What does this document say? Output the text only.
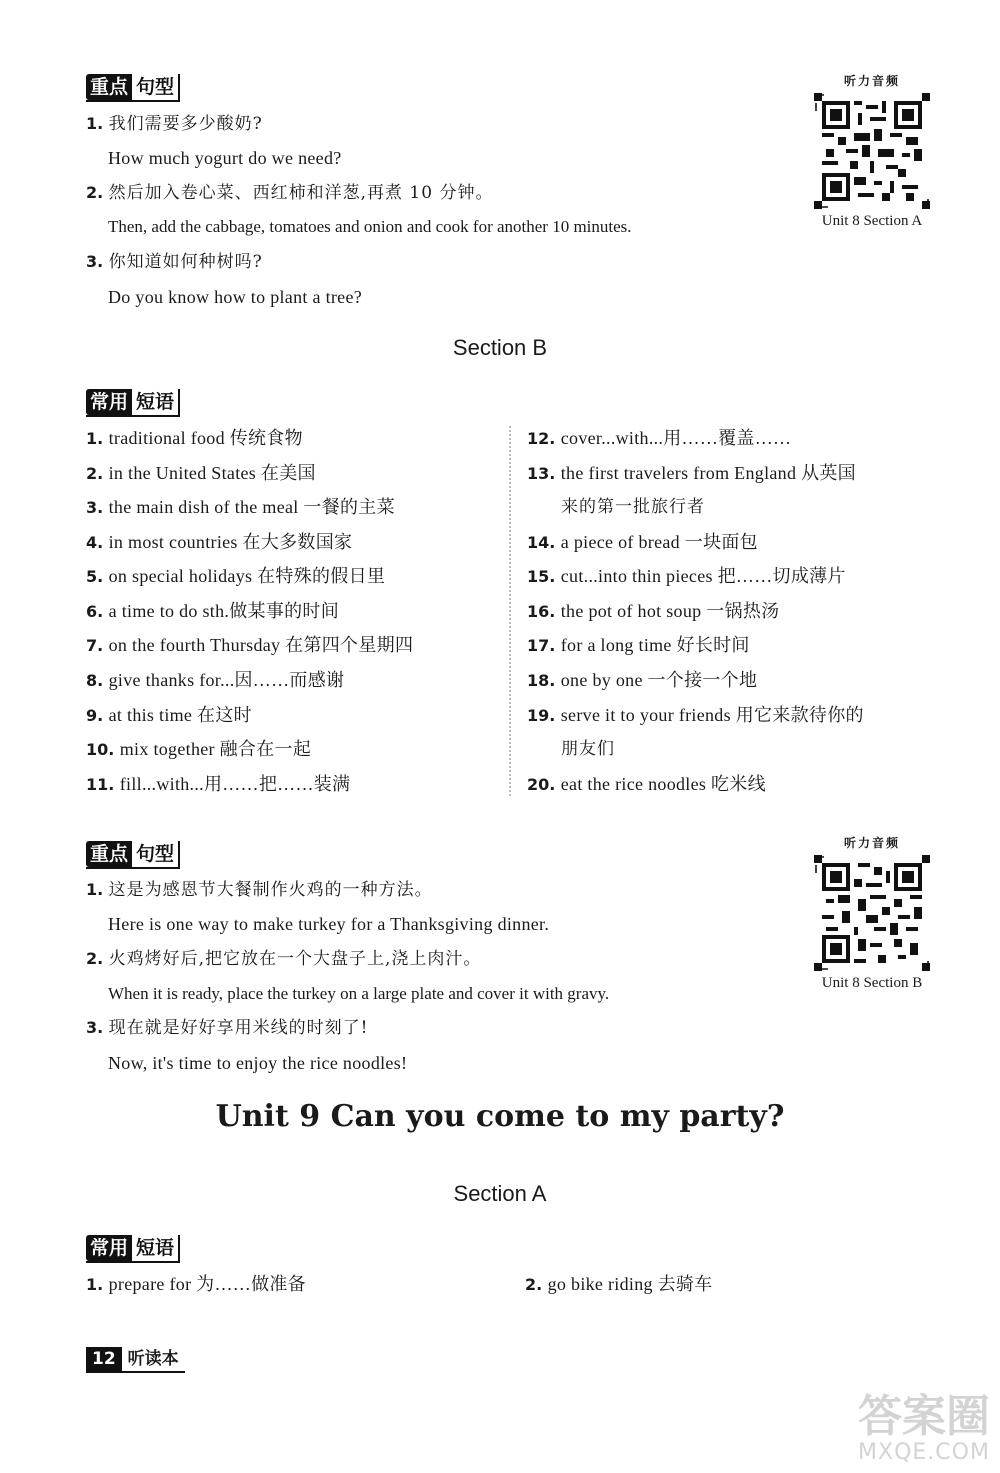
重点 句型
1. 我们需要多少酸奶?
How much yogurt do we need?
2. 然后加入卷心菜、西红柿和洋葱,再煮 10 分钟。
Then, add the cabbage, tomatoes and onion and cook for another 10 minutes.
3. 你知道如何种树吗?
Do you know how to plant a tree?
听力音频
Unit 8 Section A
Section B
常用 短语
1. traditional food 传统食物
2. in the United States 在美国
3. the main dish of the meal 一餐的主菜
4. in most countries 在大多数国家
5. on special holidays 在特殊的假日里
6. a time to do sth.做某事的时间
7. on the fourth Thursday 在第四个星期四
8. give thanks for...因……而感谢
9. at this time 在这时
10. mix together 融合在一起
11. fill...with...用……把……装满
12. cover...with...用……覆盖……
13. the first travelers from England 从英国
来的第一批旅行者
14. a piece of bread 一块面包
15. cut...into thin pieces 把……切成薄片
16. the pot of hot soup 一锅热汤
17. for a long time 好长时间
18. one by one 一个接一个地
19. serve it to your friends 用它来款待你的
朋友们
20. eat the rice noodles 吃米线
重点 句型
1. 这是为感恩节大餐制作火鸡的一种方法。
Here is one way to make turkey for a Thanksgiving dinner.
2. 火鸡烤好后,把它放在一个大盘子上,浇上肉汁。
When it is ready, place the turkey on a large plate and cover it with gravy.
3. 现在就是好好享用米线的时刻了!
Now, it's time to enjoy the rice noodles!
听力音频
Unit 8 Section B
Unit 9 Can you come to my party?
Section A
常用 短语
1. prepare for 为……做准备	2. go bike riding 去骑车
12 听读本
答案圈
MXQE.COM
